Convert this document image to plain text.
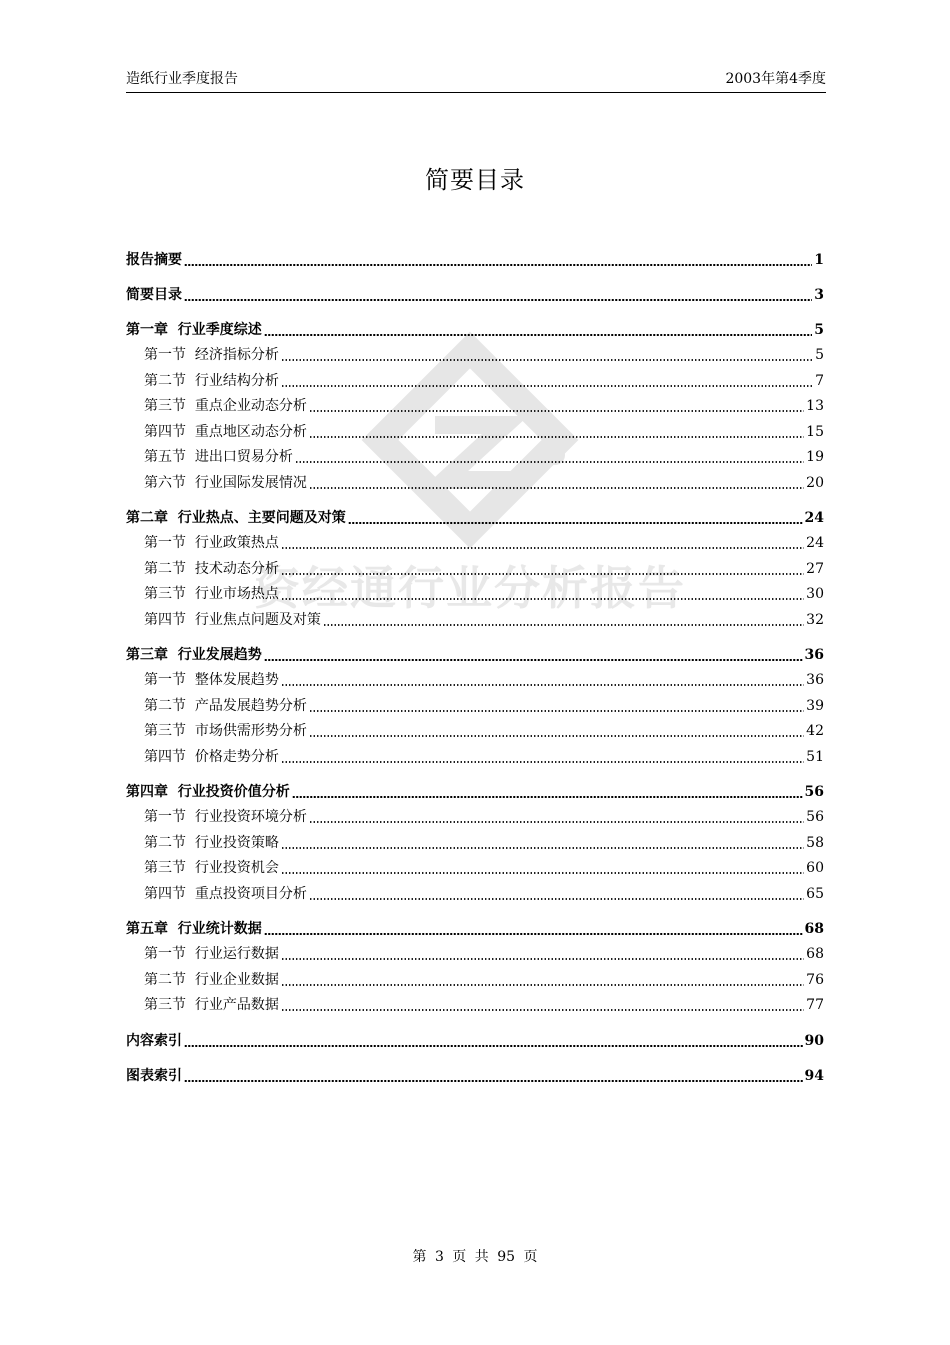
造纸行业季度报告	2003年第4季度
简要目录
资经通行业分析报告
报告摘要	1
简要目录	3
第一章  行业季度综述	5
第一节  经济指标分析	5
第二节  行业结构分析	7
第三节  重点企业动态分析	13
第四节  重点地区动态分析	15
第五节  进出口贸易分析	19
第六节  行业国际发展情况	20
第二章  行业热点、主要问题及对策	24
第一节  行业政策热点	24
第二节  技术动态分析	27
第三节  行业市场热点	30
第四节  行业焦点问题及对策	32
第三章  行业发展趋势	36
第一节  整体发展趋势	36
第二节  产品发展趋势分析	39
第三节  市场供需形势分析	42
第四节  价格走势分析	51
第四章  行业投资价值分析	56
第一节  行业投资环境分析	56
第二节  行业投资策略	58
第三节  行业投资机会	60
第四节  重点投资项目分析	65
第五章  行业统计数据	68
第一节  行业运行数据	68
第二节  行业企业数据	76
第三节  行业产品数据	77
内容索引	90
图表索引	94
第 3 页 共 95 页
